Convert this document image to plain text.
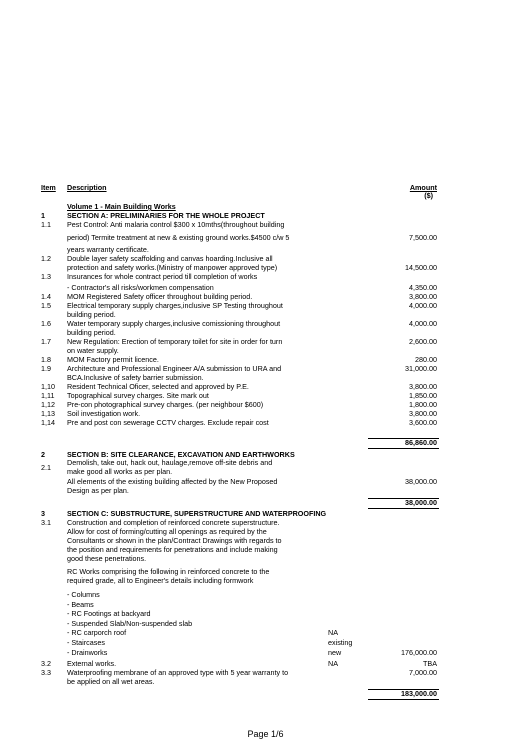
Item Description	Amount
($)
Volume 1 - Main Building Works
1	SECTION A: PRELIMINARIES FOR THE WHOLE PROJECT
1.1 Pest Control: Anti malaria control $300 x 10mths(throughout building
period) Termite treatment at new & existing ground works.$4500 c/w 5	7,500.00
years warranty certificate.
1.2 Double layer safety scaffolding and canvas hoarding.Inclusive all
protection and safety works.(Ministry of manpower approved type)	14,500.00
1.3 Insurances for whole contract period till completion of works
- Contractor's all risks/workmen compensation	4,350.00
1.4 MOM Registered Safety officer throughout building period.	3,800.00
1.5 Electrical temporary supply charges,inclusive SP Testing throughout	4,000.00
building period.
1.6 Water temporary supply charges,inclusive comissioning throughout	4,000.00
building period.
1.7 New Regulation: Erection of temporary toilet for site in order for turn	2,600.00
on water supply.
1.8 MOM Factory permit licence.	280.00
1.9 Architecture and Professional Engineer A/A submission to URA and	31,000.00
BCA.Inclusive of safety barrier submission.
1,10 Resident Technical Oficer, selected and approved by P.E.	3,800.00
1,11 Topographical survey charges. Site mark out	1,850.00
1,12 Pre-con photographical survey charges. (per neighbour $600)	1,800.00
1,13 Soil investigation work.	3,800.00
1,14 Pre and post con sewerage CCTV charges. Exclude repair cost	3,600.00
86,860.00
2	SECTION B: SITE CLEARANCE, EXCAVATION AND EARTHWORKS
2.1
Demolish, take out, hack out, haulage,remove off-site debris and
make good all works as per plan.
All elements of the existing building affected by the New Proposed	38,000.00
Design as per plan.
38,000.00
3	SECTION C: SUBSTRUCTURE, SUPERSTRUCTURE AND WATERPROOFING
3.1 Construction and completion of reinforced concrete superstructure.
Allow for cost of forming/cutting all openings as required by the
Consultants or shown in the plan/Contract Drawings with regards to
the position and requirements for penetrations and include making
good these penetrations.
RC Works comprising the following in reinforced concrete to the
required grade, all to Engineer's details including formwork
- Columns
- Beams
- RC Footings at backyard
- Suspended Slab/Non-suspended slab
- RC carporch roof	NA
- Staircases	existing
- Drainworks	new	176,000.00
3.2 External works.	NA	TBA
3.3 Waterproofing membrane of an approved type with 5 year warranty to	7,000.00
be applied on all wet areas.
183,000.00
Page 1/6
